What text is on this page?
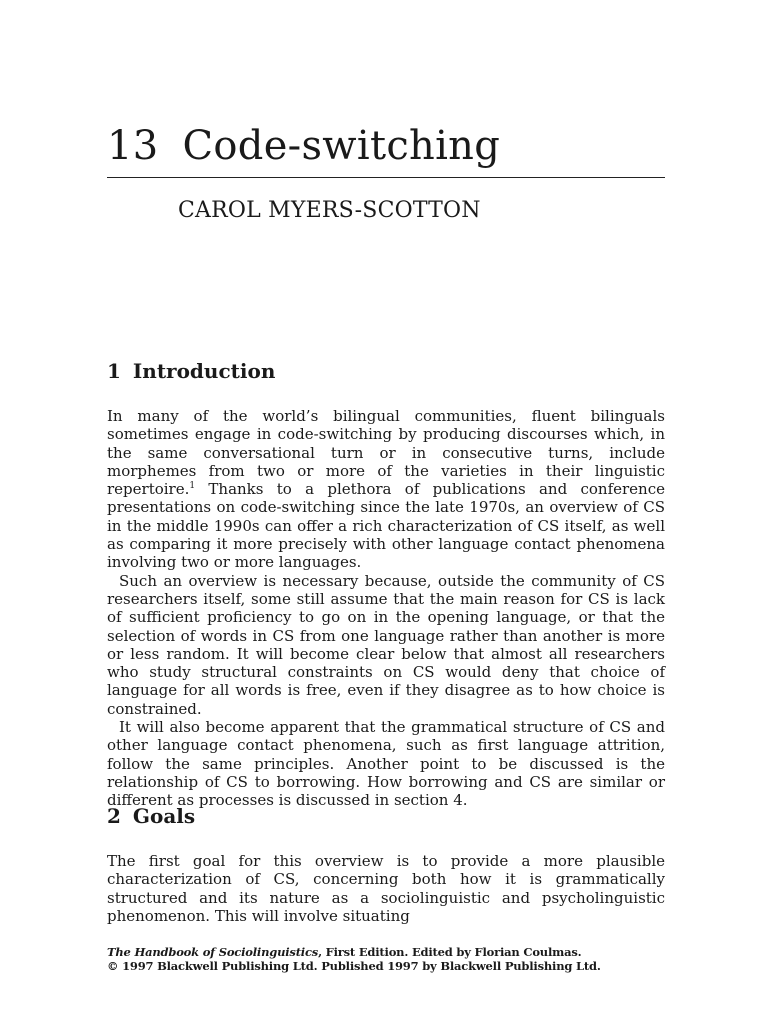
13 Code-switching
CAROL MYERS-SCOTTON
1 Introduction

In many of the world’s bilingual communities, fluent bilinguals sometimes engage in code-switching by producing discourses which, in the same conversational turn or in consecutive turns, include morphemes from two or more of the varieties in their linguistic repertoire.$^1$ Thanks to a plethora of publications and conference presentations on code-switching since the late 1970s, an overview of CS in the middle 1990s can offer a rich characterization of CS itself, as well as comparing it more precisely with other language contact phenomena involving two or more languages.

Such an overview is necessary because, outside the community of CS researchers itself, some still assume that the main reason for CS is lack of sufficient proficiency to go on in the opening language, or that the selection of words in CS from one language rather than another is more or less random. It will become clear below that almost all researchers who study structural constraints on CS would deny that choice of language for all words is free, even if they disagree as to how choice is constrained.

It will also become apparent that the grammatical structure of CS and other language contact phenomena, such as first language attrition, follow the same principles. Another point to be discussed is the relationship of CS to borrowing. How borrowing and CS are similar or different as processes is discussed in section 4.

2 Goals

The first goal for this overview is to provide a more plausible characterization of CS, concerning both how it is grammatically structured and its nature as a sociolinguistic and psycholinguistic phenomenon. This will involve situating

The Handbook of Sociolinguistics, First Edition. Edited by Florian Coulmas.
© 1997 Blackwell Publishing Ltd. Published 1997 by Blackwell Publishing Ltd.
